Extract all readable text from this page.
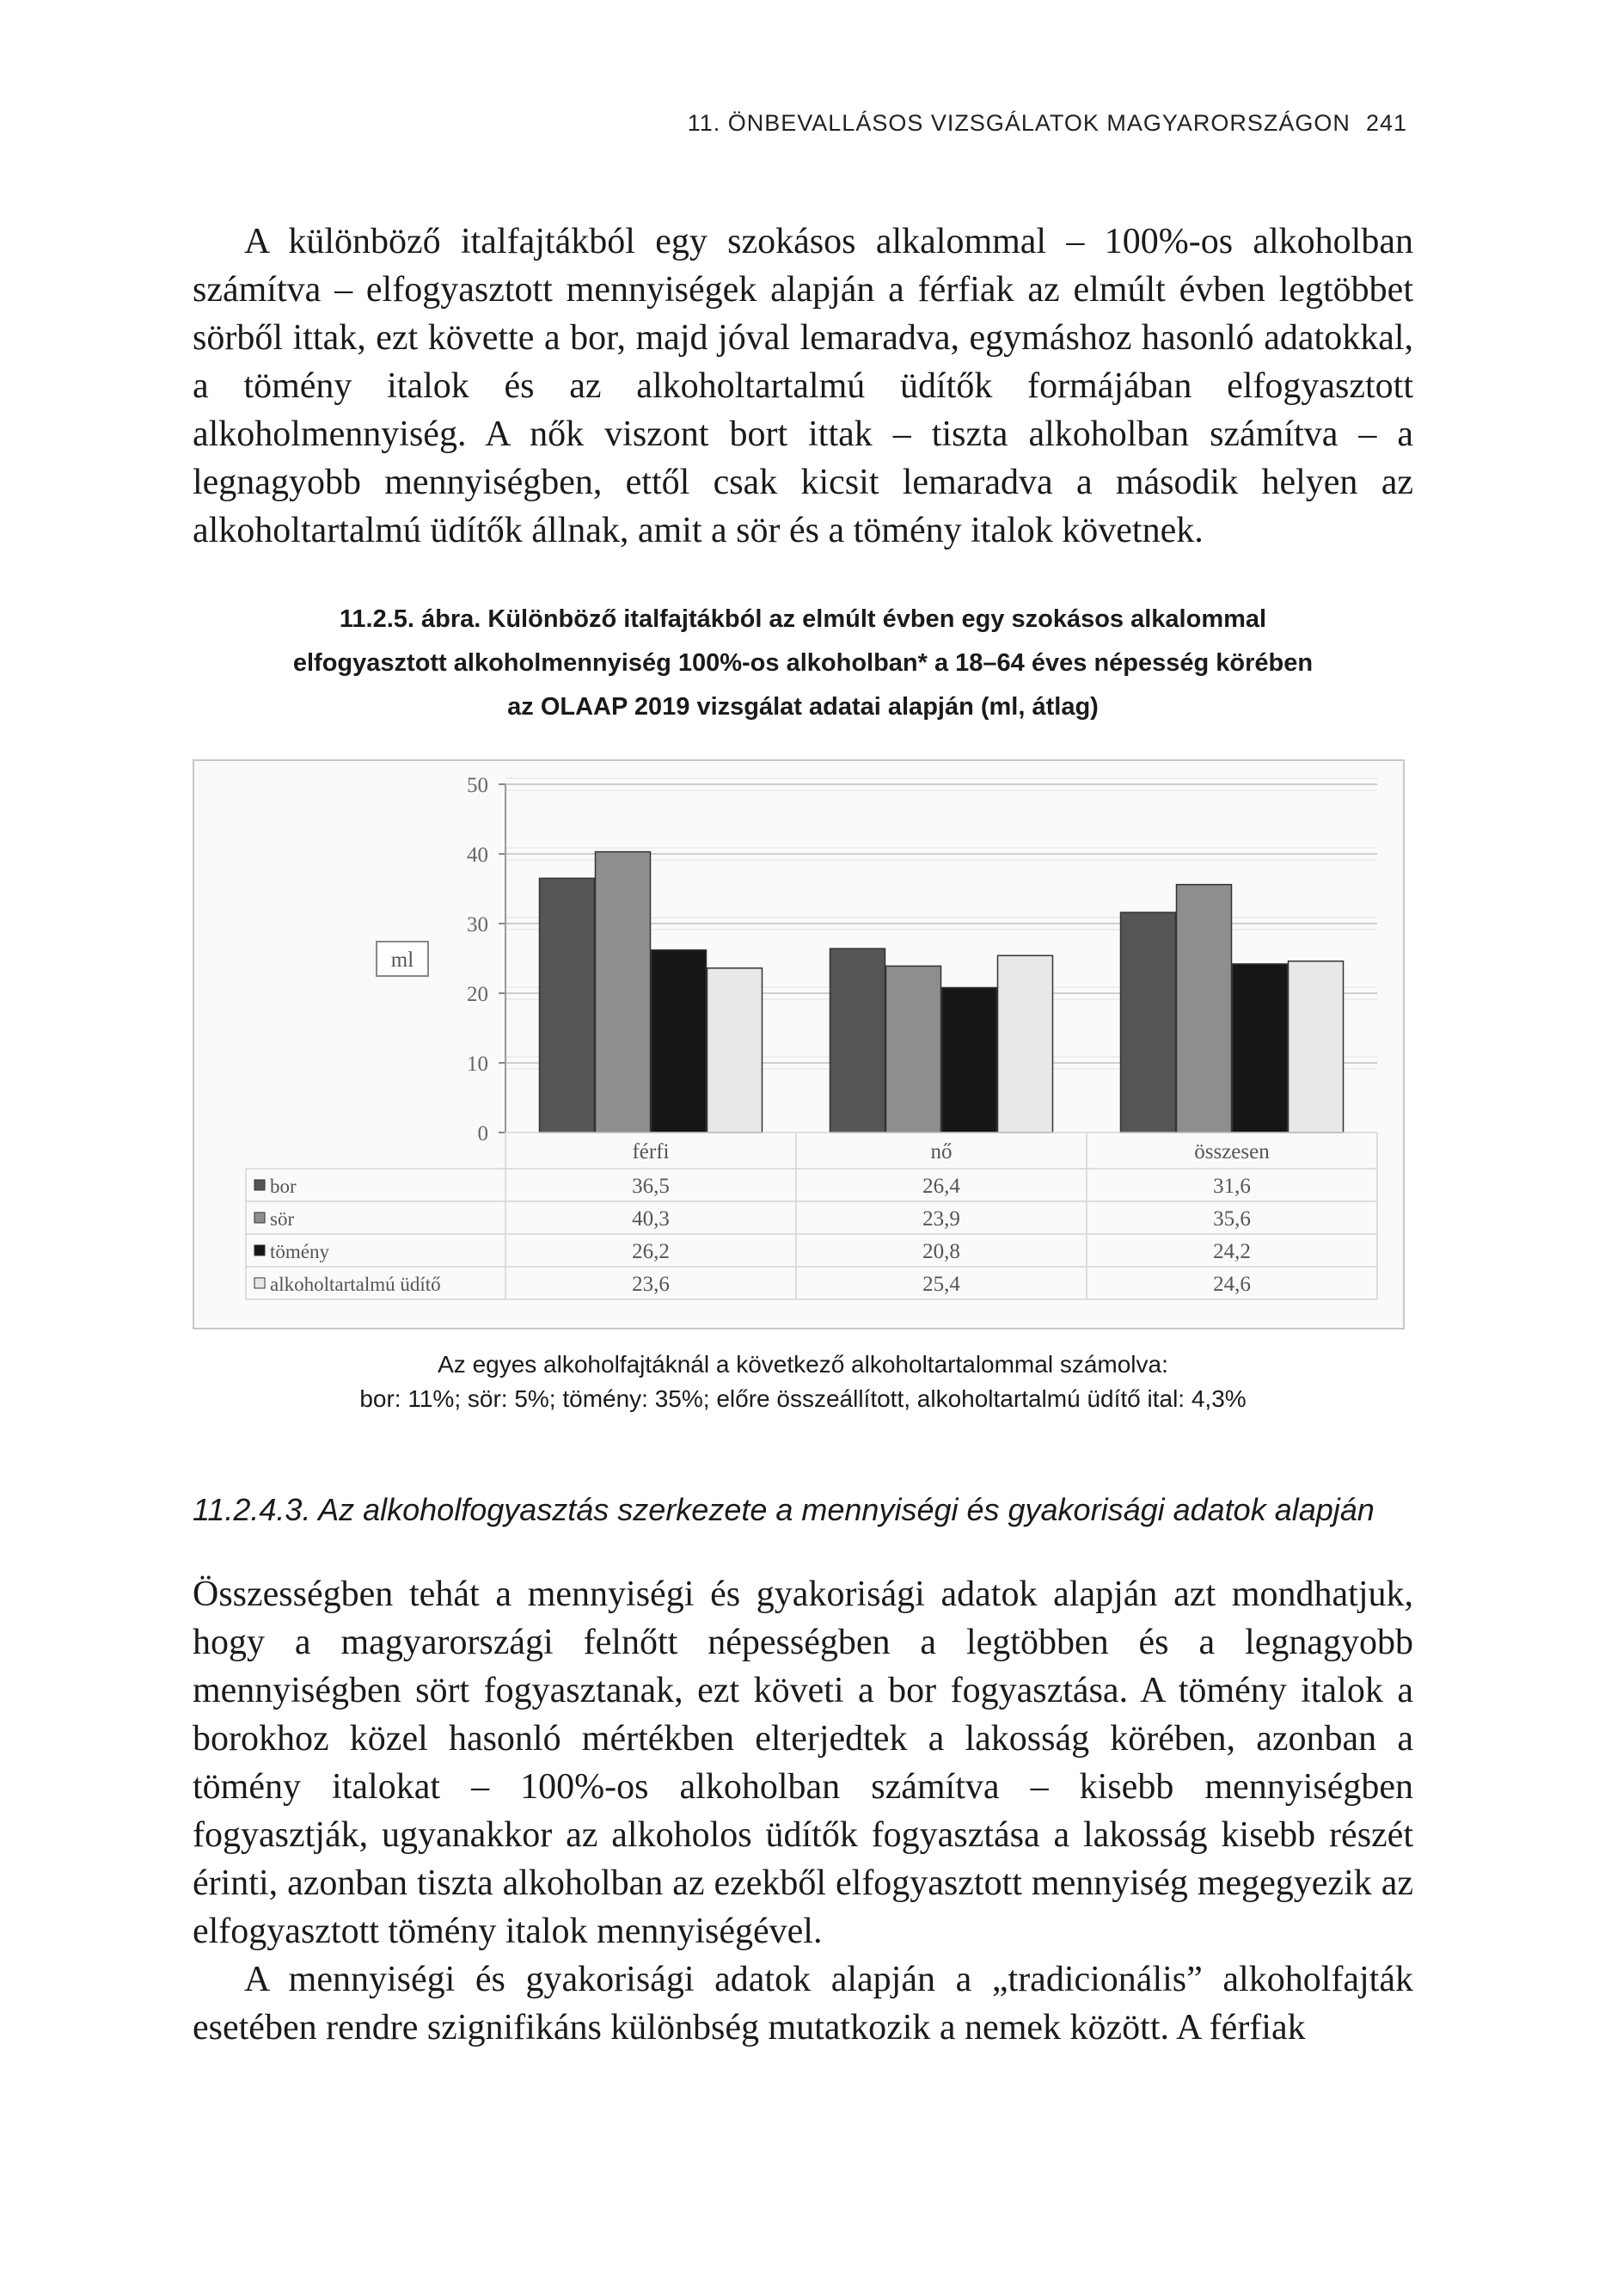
11. ÖNBEVALLÁSOS VIZSGÁLATOK MAGYARORSZÁGON 241

A különböző italfajtákból egy szokásos alkalommal – 100%-os alkoholban számítva – elfogyasztott mennyiségek alapján a férfiak az elmúlt évben legtöbbet sörből ittak, ezt követte a bor, majd jóval lemaradva, egymáshoz hasonló adatokkal, a tömény italok és az alkoholtartalmú üdítők formájában elfogyasztott alkoholmennyiség. A nők viszont bort ittak – tiszta alkoholban számítva – a legnagyobb mennyiségben, ettől csak kicsit lemaradva a második helyen az alkoholtartalmú üdítők állnak, amit a sör és a tömény italok követnek.

11.2.5. ábra. Különböző italfajtákból az elmúlt évben egy szokásos alkalommal
elfogyasztott alkoholmennyiség 100%-os alkoholban* a 18–64 éves népesség körében
az OLAAP 2019 vizsgálat adatai alapján (ml, átlag)
0
10
20
30
40
50
ml
férfi	nő	összesen
bor	36,5	26,4	31,6
sör	40,3	23,9	35,6
tömény	26,2	20,8	24,2
alkoholtartalmú üdítő	23,6	25,4	24,6
Az egyes alkoholfajtáknál a következő alkoholtartalommal számolva:
bor: 11%; sör: 5%; tömény: 35%; előre összeállított, alkoholtartalmú üdítő ital: 4,3%
11.2.4.3. Az alkoholfogyasztás szerkezete a mennyiségi és gyakorisági adatok alapján

Összességben tehát a mennyiségi és gyakorisági adatok alapján azt mondhatjuk, hogy a magyarországi felnőtt népességben a legtöbben és a legnagyobb mennyiségben sört fogyasztanak, ezt követi a bor fogyasztása. A tömény italok a borokhoz közel hasonló mértékben elterjedtek a lakosság körében, azonban a tömény italokat – 100%-os alkoholban számítva – kisebb mennyiségben fogyasztják, ugyanakkor az alkoholos üdítők fogyasztása a lakosság kisebb részét érinti, azonban tiszta alkoholban az ezekből elfogyasztott mennyiség megegyezik az elfogyasztott tömény italok mennyiségével.

A mennyiségi és gyakorisági adatok alapján a „tradicionális” alkoholfajták esetében rendre szignifikáns különbség mutatkozik a nemek között. A férfiak
